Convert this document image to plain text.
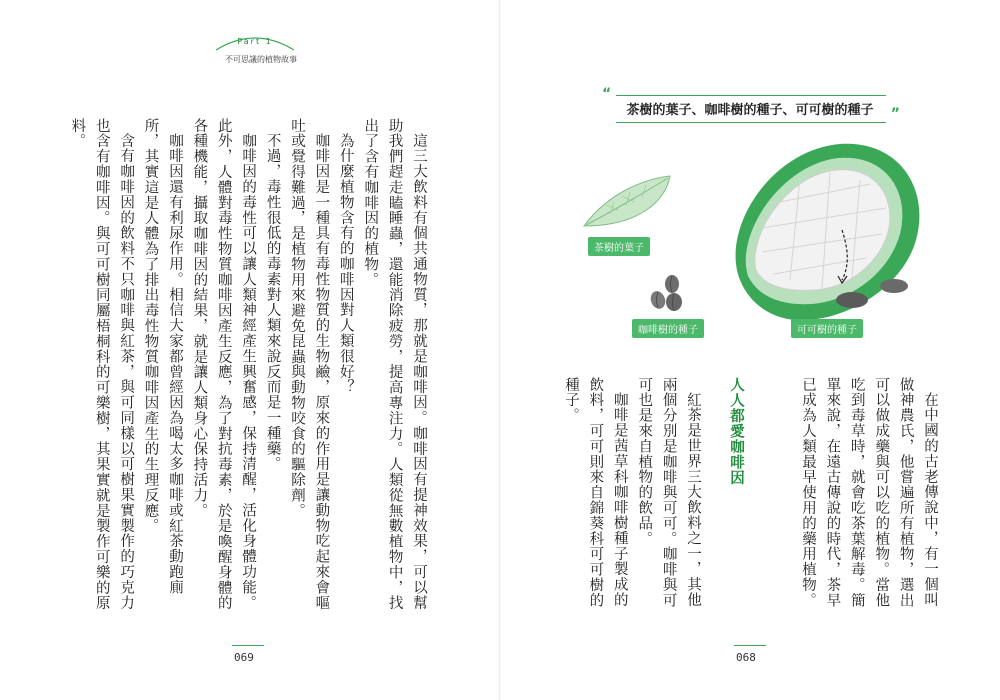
Part 1
不可思議的植物故事

這三大飲料有個共通物質，那就是咖啡因。咖啡因有提神效果，可以幫助我們趕走瞌睡蟲，還能消除疲勞，提高專注力。人類從無數植物中，找出了含有咖啡因的植物。

為什麼植物含有的咖啡因對人類很好？

咖啡因是一種具有毒性物質的生物鹼，原來的作用是讓動物吃起來會嘔吐或覺得難過，是植物用來避免昆蟲與動物咬食的驅除劑。

不過，毒性很低的毒素對人類來說反而是一種藥。

咖啡因的毒性可以讓人類神經產生興奮感，保持清醒，活化身體功能。此外，人體對毒性物質咖啡因產生反應，為了對抗毒素，於是喚醒身體的各種機能，攝取咖啡因的結果，就是讓人類身心保持活力。

咖啡因還有利尿作用。相信大家都曾經因為喝太多咖啡或紅茶動跑廁所，其實這是人體為了排出毒性物質咖啡因產生的生理反應。

含有咖啡因的飲料不只咖啡與紅茶，與可同樣以可樹果實製作的巧克力也含有咖啡因。與可可樹同屬梧桐科的可樂樹，其果實就是製作可樂的原料。

“
茶樹的葉子、咖啡樹的種子、可可樹的種子	”
茶樹的葉子
咖啡樹的種子	可可樹的種子

在中國的古老傳說中，有一個叫做神農氏，他嘗遍所有植物，選出可以做成藥與可以吃的植物。當他吃到毒草時，就會吃茶葉解毒。簡單來說，在遠古傳說的時代，茶早已成為人類最早使用的藥用植物。

人人都愛咖啡因

紅茶是世界三大飲料之一，其他兩個分別是咖啡與可可。咖啡與可可也是來自植物的飲品。

咖啡是茜草科咖啡樹種子製成的飲料，可可則來自錦葵科可可樹的種子。

069	068
